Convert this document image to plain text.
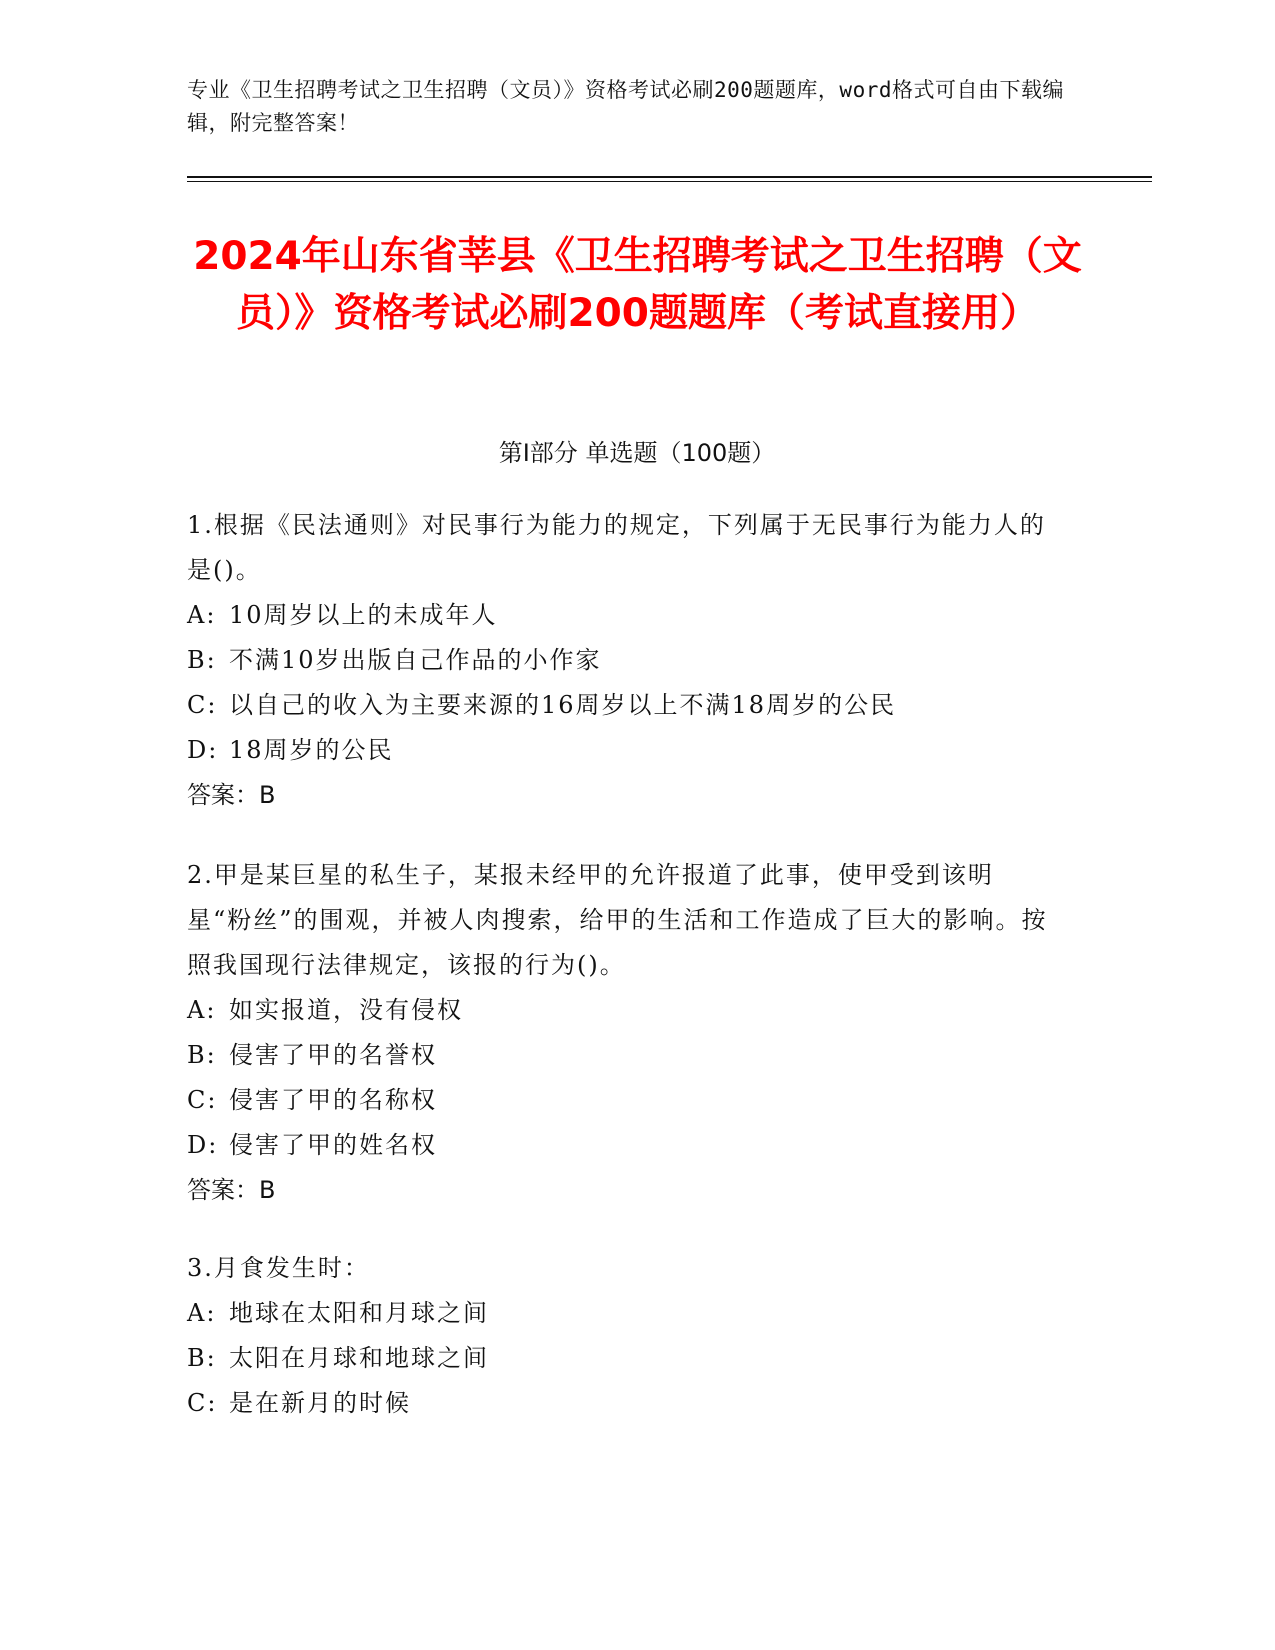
专业《卫生招聘考试之卫生招聘（文员）》资格考试必刷200题题库，word格式可自由下载编辑，附完整答案！
2024年山东省莘县《卫生招聘考试之卫生招聘（文员）》资格考试必刷200题题库（考试直接用）
第I部分 单选题（100题）
1.根据《民法通则》对民事行为能力的规定，下列属于无民事行为能力人的是()。
A: 10周岁以上的未成年人
B: 不满10岁出版自己作品的小作家
C: 以自己的收入为主要来源的16周岁以上不满18周岁的公民
D: 18周岁的公民
答案：B
2.甲是某巨星的私生子，某报未经甲的允许报道了此事，使甲受到该明星“粉丝”的围观，并被人肉搜索，给甲的生活和工作造成了巨大的影响。按照我国现行法律规定，该报的行为()。
A: 如实报道，没有侵权
B: 侵害了甲的名誉权
C: 侵害了甲的名称权
D: 侵害了甲的姓名权
答案：B
3.月食发生时：
A: 地球在太阳和月球之间
B: 太阳在月球和地球之间
C: 是在新月的时候
